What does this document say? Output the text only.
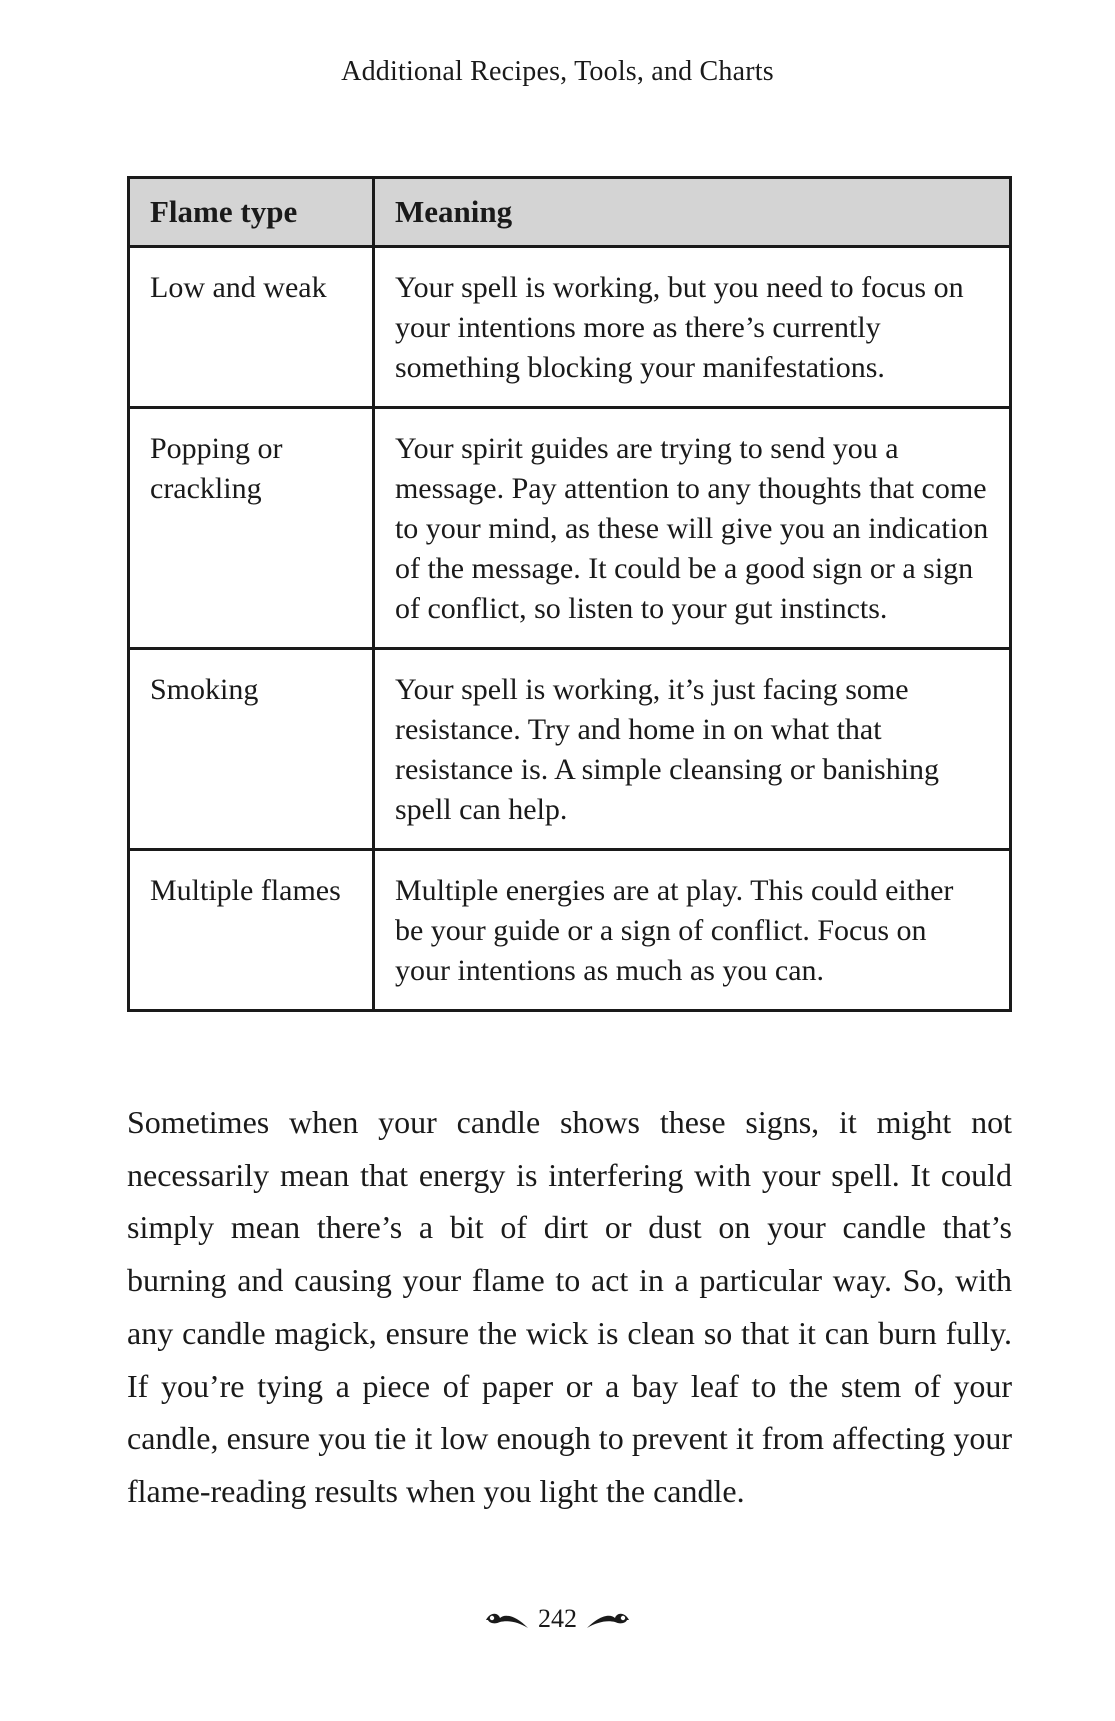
Additional Recipes, Tools, and Charts
Flame type	Meaning
Low and weak	Your spell is working, but you need to focus on your intentions more as there’s currently something blocking your manifestations.
Popping or crackling	Your spirit guides are trying to send you a message. Pay attention to any thoughts that come to your mind, as these will give you an indication of the message. It could be a good sign or a sign of conflict, so listen to your gut instincts.
Smoking	Your spell is working, it’s just facing some resistance. Try and home in on what that resistance is. A simple cleansing or banishing spell can help.
Multiple flames	Multiple energies are at play. This could either be your guide or a sign of conflict. Focus on your intentions as much as you can.

Sometimes when your candle shows these signs, it might not necessarily mean that energy is interfering with your spell. It could simply mean there’s a bit of dirt or dust on your candle that’s burning and causing your flame to act in a particular way. So, with any candle magick, ensure the wick is clean so that it can burn fully. If you’re tying a piece of paper or a bay leaf to the stem of your candle, ensure you tie it low enough to prevent it from affecting your flame-reading results when you light the candle.

242
